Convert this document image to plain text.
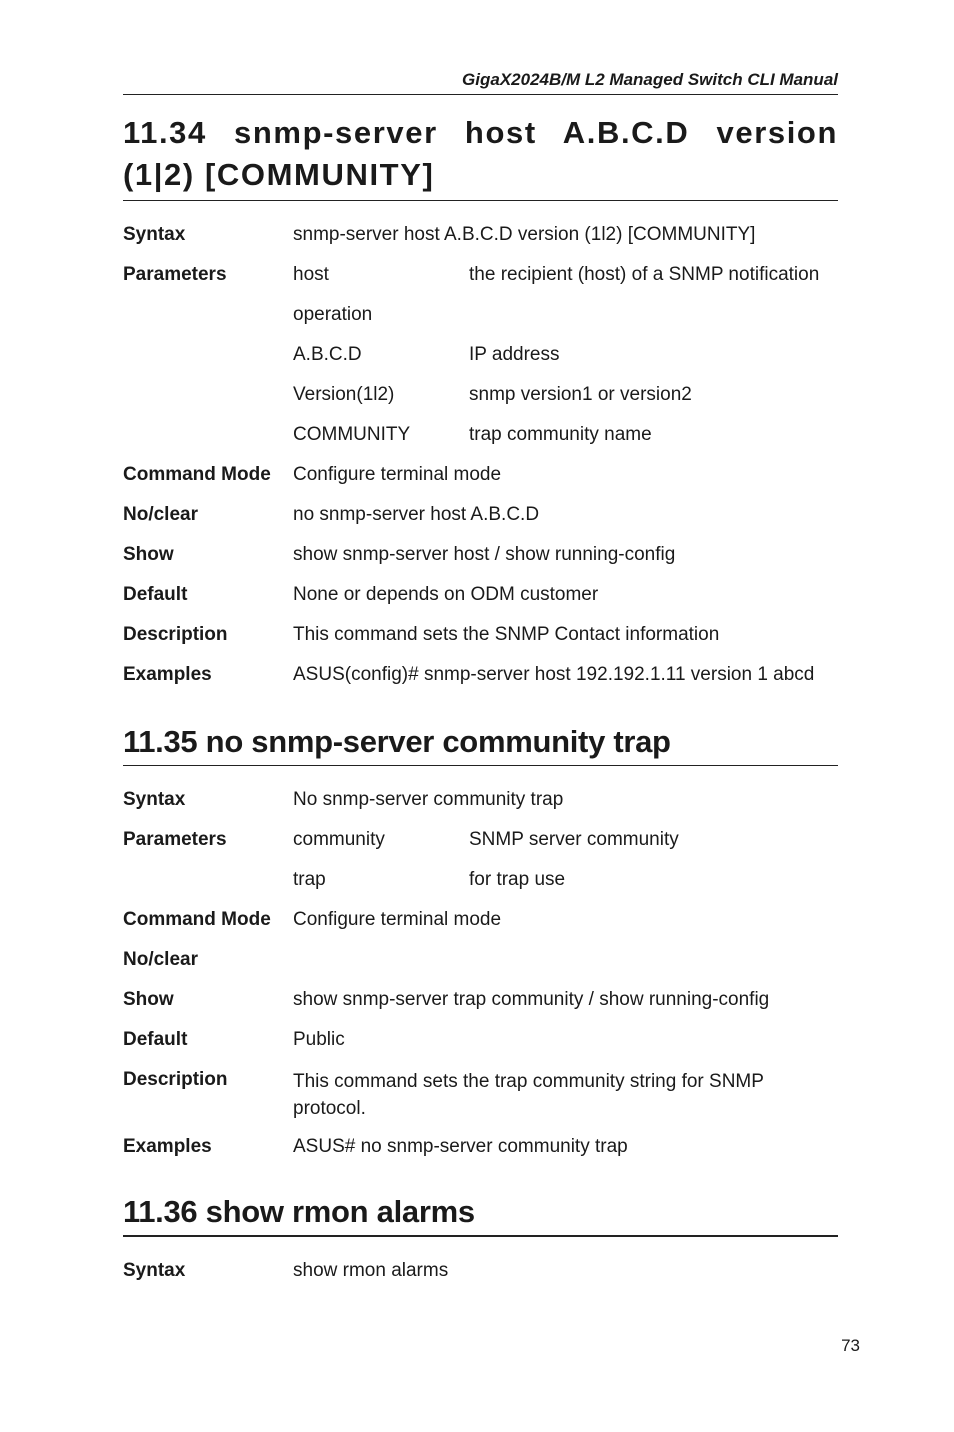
GigaX2024B/M L2 Managed Switch CLI Manual
11.34 snmp-server host A.B.C.D version (1|2) [COMMUNITY]
Syntax	snmp-server host A.B.C.D version (1l2) [COMMUNITY]
Parameters	host	the recipient (host) of a SNMP notification
operation
A.B.C.D	IP address
Version(1l2)	snmp version1 or version2
COMMUNITY	trap community name
Command Mode	Configure terminal mode
No/clear	no snmp-server host A.B.C.D
Show	show snmp-server host / show running-config
Default	None or depends on ODM customer
Description	This command sets the SNMP Contact information
Examples	ASUS(config)# snmp-server host 192.192.1.11 version 1 abcd
11.35 no snmp-server community trap
Syntax	No snmp-server community trap
Parameters	community	SNMP server community
trap	for trap use
Command Mode	Configure terminal mode
No/clear
Show	show snmp-server trap community / show running-config
Default	Public
Description	This command sets the trap community string for SNMP protocol.
Examples	ASUS# no snmp-server community trap
11.36 show rmon alarms
Syntax	show rmon alarms
73
